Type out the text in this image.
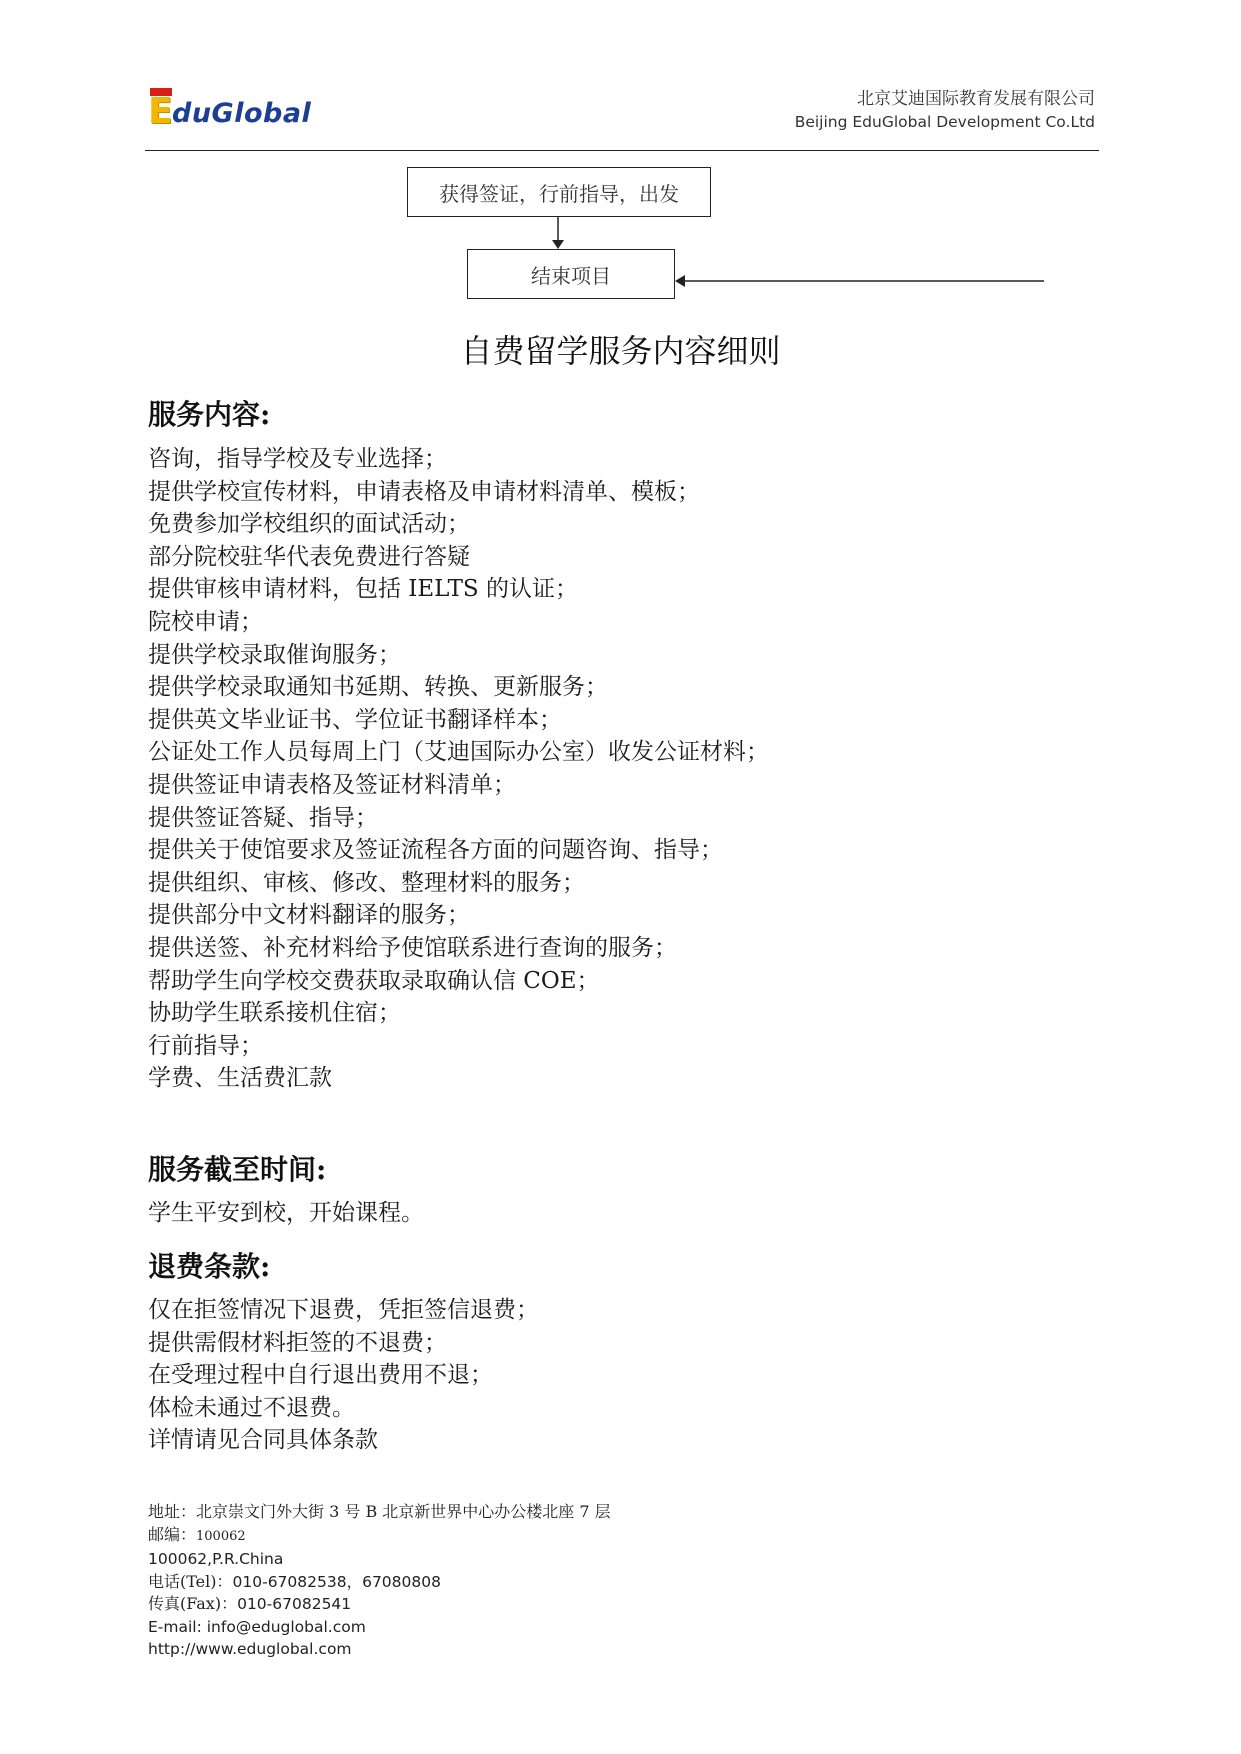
E duGlobal	北京艾迪国际教育发展有限公司
Beijing EduGlobal Development Co.Ltd
获得签证，行前指导，出发
结束项目
自费留学服务内容细则
服务内容:
咨询，指导学校及专业选择；
提供学校宣传材料，申请表格及申请材料清单、模板；
免费参加学校组织的面试活动；
部分院校驻华代表免费进行答疑
提供审核申请材料，包括 IELTS 的认证；
院校申请；
提供学校录取催询服务；
提供学校录取通知书延期、转换、更新服务；
提供英文毕业证书、学位证书翻译样本；
公证处工作人员每周上门（艾迪国际办公室）收发公证材料；
提供签证申请表格及签证材料清单；
提供签证答疑、指导；
提供关于使馆要求及签证流程各方面的问题咨询、指导；
提供组织、审核、修改、整理材料的服务；
提供部分中文材料翻译的服务；
提供送签、补充材料给予使馆联系进行查询的服务；
帮助学生向学校交费获取录取确认信 COE；
协助学生联系接机住宿；
行前指导；
学费、生活费汇款
服务截至时间:
学生平安到校，开始课程。
退费条款:
仅在拒签情况下退费，凭拒签信退费；
提供需假材料拒签的不退费；
在受理过程中自行退出费用不退；
体检未通过不退费。
详情请见合同具体条款
地址：北京崇文门外大街 3 号 B 北京新世界中心办公楼北座 7 层
邮编：100062
100062,P.R.China
电话(Tel)：010-67082538，67080808
传真(Fax)：010-67082541
E-mail: info@eduglobal.com
http://www.eduglobal.com
